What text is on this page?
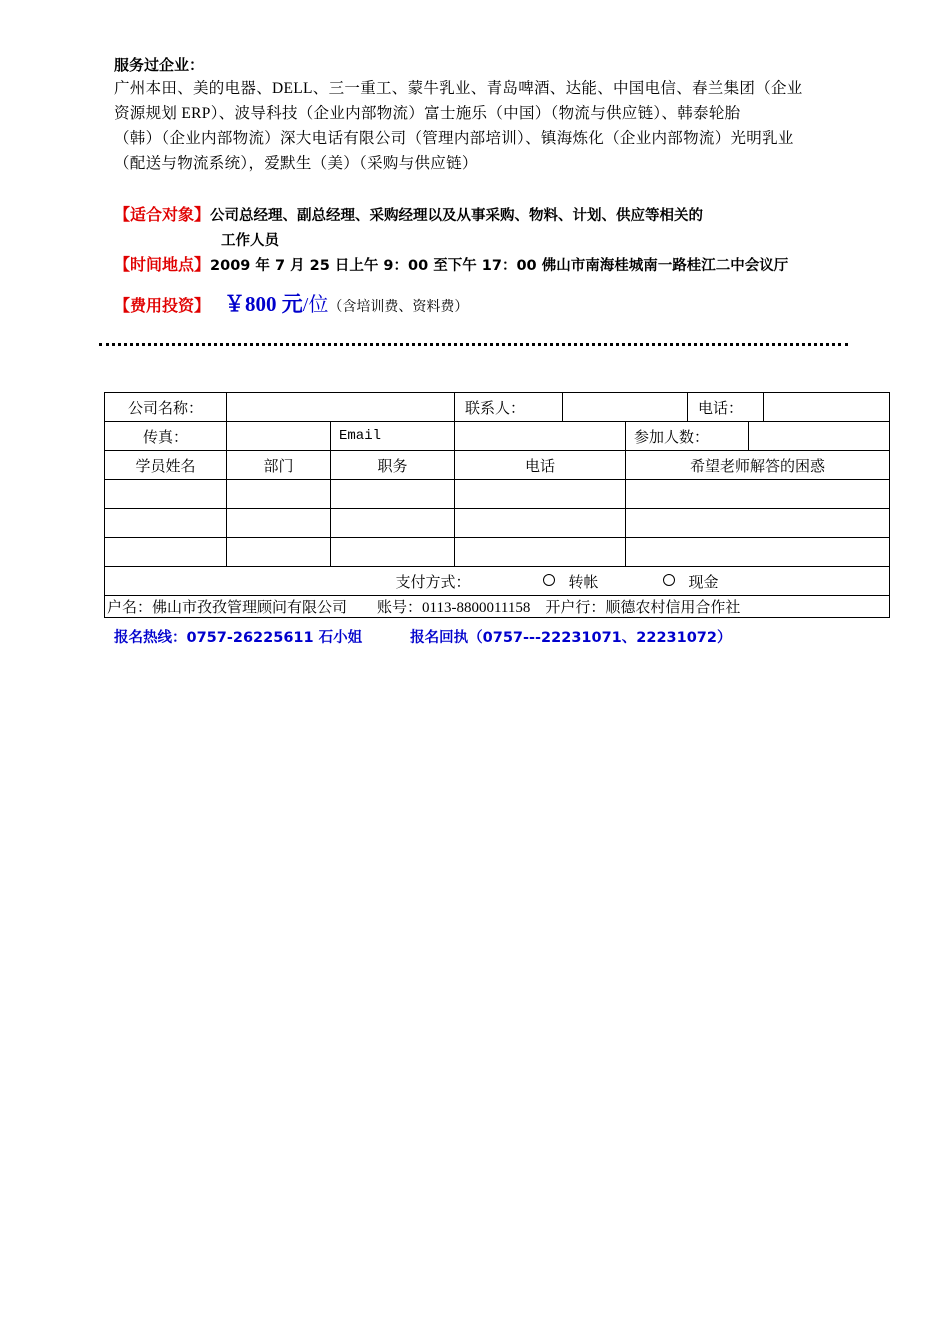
服务过企业：
广州本田、美的电器、DELL、三一重工、蒙牛乳业、青岛啤酒、达能、中国电信、春兰集团（企业
资源规划 ERP）、波导科技（企业内部物流）富士施乐（中国）（物流与供应链）、韩泰轮胎
（韩）（企业内部物流）深大电话有限公司（管理内部培训）、镇海炼化（企业内部物流）光明乳业
（配送与物流系统），爱默生（美）（采购与供应链）
【适合对象】公司总经理、副总经理、采购经理以及从事采购、物料、计划、供应等相关的
工作人员
【时间地点】2009 年 7 月 25 日上午 9：00 至下午 17：00 佛山市南海桂城南一路桂江二中会议厅
【费用投资】 ￥800 元/位（含培训费、资料费）
公司名称：			联系人：			电话：		
传真：		Email			参加人数：			
学员姓名	部门	职务	电话		希望老师解答的困惑			

支付方式： 转帐 现金								
户名：佛山市孜孜管理顾问有限公司　　账号：0113-8800011158　开户行：顺德农村信用合作社								
报名热线：0757-26225611 石小姐	报名回执（0757---22231071、22231072）
